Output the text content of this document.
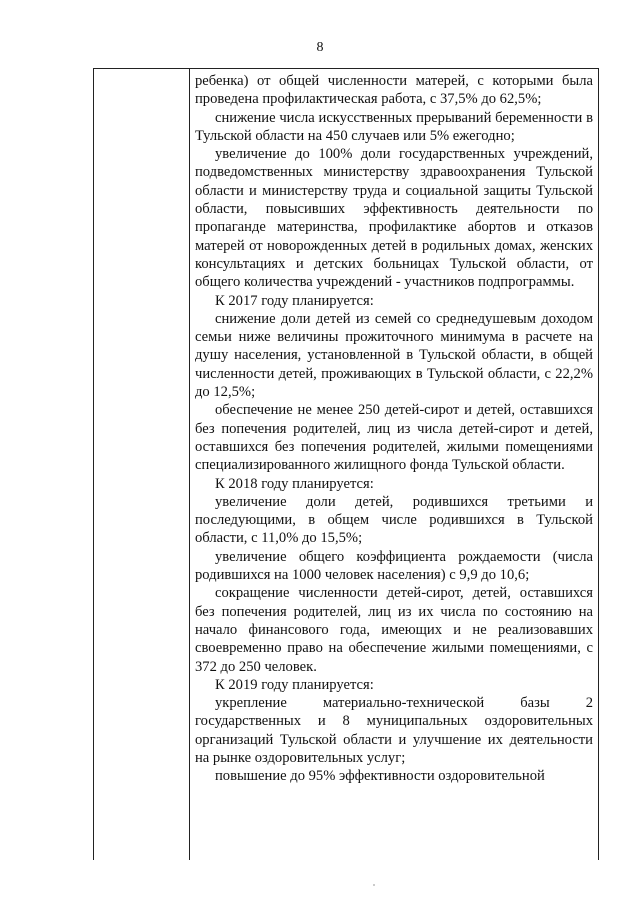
8

ребенка) от общей численности матерей, с которыми была проведена профилактическая работа, с 37,5% до 62,5%;

снижение числа искусственных прерываний беременности в Тульской области на 450 случаев или 5% ежегодно;

увеличение до 100% доли государственных учреждений, подведомственных министерству здравоохранения Тульской области и министерству труда и социальной защиты Тульской области, повысивших эффективность деятельности по пропаганде материнства, профилактике абортов и отказов матерей от новорожденных детей в родильных домах, женских консультациях и детских больницах Тульской области, от общего количества учреждений - участников подпрограммы.

К 2017 году планируется:

снижение доли детей из семей со среднедушевым доходом семьи ниже величины прожиточного минимума в расчете на душу населения, установленной в Тульской области, в общей численности детей, проживающих в Тульской области, с 22,2% до 12,5%;

обеспечение не менее 250 детей-сирот и детей, оставшихся без попечения родителей, лиц из числа детей-сирот и детей, оставшихся без попечения родителей, жилыми помещениями специализированного жилищного фонда Тульской области.

К 2018 году планируется:

увеличение доли детей, родившихся третьими и последующими, в общем числе родившихся в Тульской области, с 11,0% до 15,5%;

увеличение общего коэффициента рождаемости (числа родившихся на 1000 человек населения) с 9,9 до 10,6;

сокращение численности детей-сирот, детей, оставшихся без попечения родителей, лиц из их числа по состоянию на начало финансового года, имеющих и не реализовавших своевременно право на обеспечение жилыми помещениями, с 372 до 250 человек.

К 2019 году планируется:

укрепление материально-технической базы 2 государственных и 8 муниципальных оздоровительных организаций Тульской области и улучшение их деятельности на рынке оздоровительных услуг;

повышение до 95% эффективности оздоровительной
